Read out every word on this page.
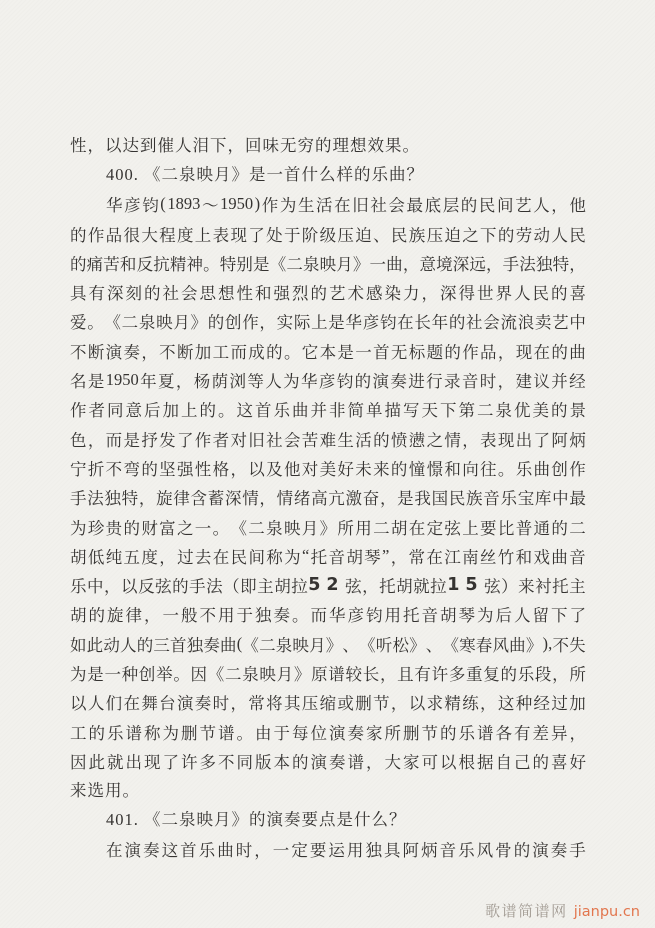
性，以达到催人泪下，回味无穷的理想效果。
400. 《二泉映月》是一首什么样的乐曲？
华 彦 钧 ( 1893 ～ 1950 ) 作 为 生 活 在 旧 社 会 最 底 层 的 民 间 艺 人 ， 他
的 作 品 很 大 程 度 上 表 现 了 处 于 阶 级 压 迫 、 民 族 压 迫 之 下 的 劳 动 人 民
的 痛 苦 和 反 抗 精 神 。 特 别 是 《 二 泉 映 月 》 一 曲 ， 意 境 深 远 ， 手 法 独 特 ，
具 有 深 刻 的 社 会 思 想 性 和 强 烈 的 艺 术 感 染 力 ， 深 得 世 界 人 民 的 喜
爱 。 《 二 泉 映 月 》 的 创 作 ， 实 际 上 是 华 彦 钧 在 长 年 的 社 会 流 浪 卖 艺 中
不 断 演 奏 ， 不 断 加 工 而 成 的 。 它 本 是 一 首 无 标 题 的 作 品 ， 现 在 的 曲
名 是 1950 年 夏 ， 杨 荫 浏 等 人 为 华 彦 钧 的 演 奏 进 行 录 音 时 ， 建 议 并 经
作 者 同 意 后 加 上 的 。 这 首 乐 曲 并 非 简 单 描 写 天 下 第 二 泉 优 美 的 景
色 ， 而 是 抒 发 了 作 者 对 旧 社 会 苦 难 生 活 的 愤 懑 之 情 ， 表 现 出 了 阿 炳
宁 折 不 弯 的 坚 强 性 格 ， 以 及 他 对 美 好 未 来 的 憧 憬 和 向 往 。 乐 曲 创 作
手 法 独 特 ， 旋 律 含 蓄 深 情 ， 情 绪 高 亢 激 奋 ， 是 我 国 民 族 音 乐 宝 库 中 最
为 珍 贵 的 财 富 之 一 。 《 二 泉 映 月 》 所 用 二 胡 在 定 弦 上 要 比 普 通 的 二
胡 低 纯 五 度 ， 过 去 在 民 间 称 为 “ 托 音 胡 琴 ” ， 常 在 江 南 丝 竹 和 戏 曲 音
乐 中 ， 以 反 弦 的 手 法 （ 即 主 胡 拉 52 弦 ， 托 胡 就 拉 15 弦 ） 来 衬 托 主
胡 的 旋 律 ， 一 般 不 用 于 独 奏 。 而 华 彦 钧 用 托 音 胡 琴 为 后 人 留 下 了
如 此 动 人 的 三 首 独 奏 曲 ( 《 二 泉 映 月 》 、 《 听 松 》 、 《 寒 春 风 曲 》 ) , 不 失
为 是 一 种 创 举 。 因 《 二 泉 映 月 》 原 谱 较 长 ， 且 有 许 多 重 复 的 乐 段 ， 所
以 人 们 在 舞 台 演 奏 时 ， 常 将 其 压 缩 或 删 节 ， 以 求 精 练 ， 这 种 经 过 加
工 的 乐 谱 称 为 删 节 谱 。 由 于 每 位 演 奏 家 所 删 节 的 乐 谱 各 有 差 异 ，
因 此 就 出 现 了 许 多 不 同 版 本 的 演 奏 谱 ， 大 家 可 以 根 据 自 己 的 喜 好
来选用。
401. 《二泉映月》的演奏要点是什么？
在 演 奏 这 首 乐 曲 时 ， 一 定 要 运 用 独 具 阿 炳 音 乐 风 骨 的 演 奏 手
歌谱简谱网 jianpu.cn
